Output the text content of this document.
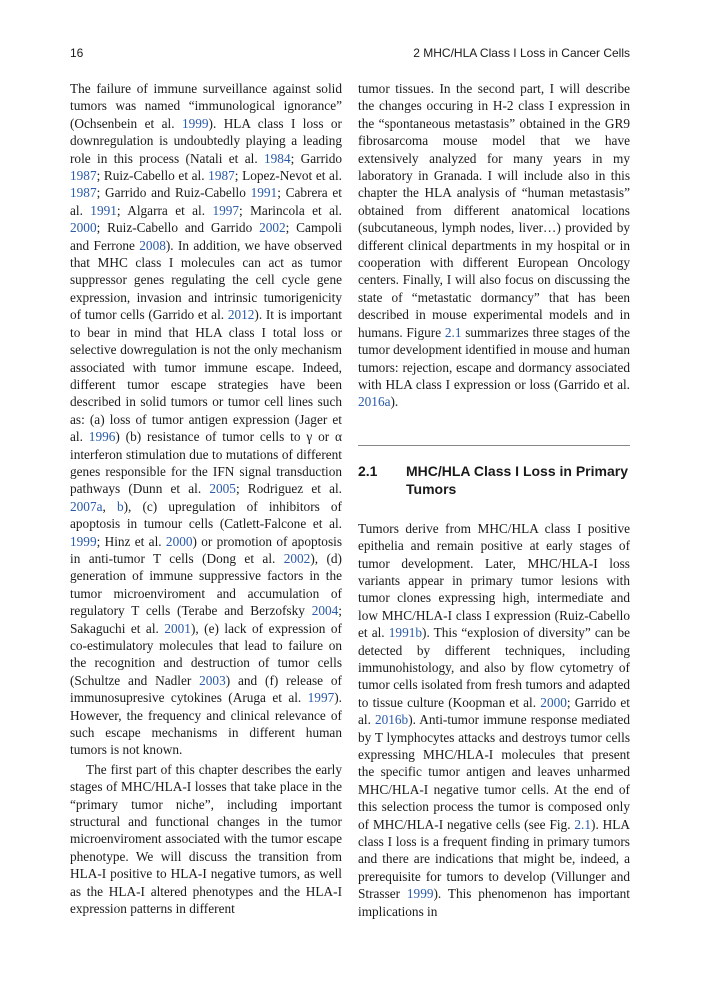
16	2 MHC/HLA Class I Loss in Cancer Cells

The failure of immune surveillance against solid tumors was named “immunological ignorance” (Ochsenbein et al. 1999). HLA class I loss or downregulation is undoubtedly playing a leading role in this process (Natali et al. 1984; Garrido 1987; Ruiz-Cabello et al. 1987; Lopez-Nevot et al. 1987; Garrido and Ruiz-Cabello 1991; Cabrera et al. 1991; Algarra et al. 1997; Marincola et al. 2000; Ruiz-Cabello and Garrido 2002; Campoli and Ferrone 2008). In addition, we have observed that MHC class I molecules can act as tumor suppressor genes regulating the cell cycle gene expression, invasion and intrinsic tumorigenicity of tumor cells (Garrido et al. 2012). It is important to bear in mind that HLA class I total loss or selective dowregulation is not the only mechanism associated with tumor immune escape. Indeed, different tumor escape strategies have been described in solid tumors or tumor cell lines such as: (a) loss of tumor antigen expression (Jager et al. 1996) (b) resistance of tumor cells to γ or α interferon stimulation due to mutations of different genes responsible for the IFN signal transduction pathways (Dunn et al. 2005; Rodriguez et al. 2007a, b), (c) upregulation of inhibitors of apoptosis in tumour cells (Catlett-Falcone et al. 1999; Hinz et al. 2000) or promotion of apoptosis in anti-tumor T cells (Dong et al. 2002), (d) generation of immune suppressive factors in the tumor microenviroment and accumulation of regulatory T cells (Terabe and Berzofsky 2004; Sakaguchi et al. 2001), (e) lack of expression of co-estimulatory molecules that lead to failure on the recognition and destruction of tumor cells (Schultze and Nadler 2003) and (f) release of immunosupresive cytokines (Aruga et al. 1997). However, the frequency and clinical relevance of such escape mechanisms in different human tumors is not known.

The first part of this chapter describes the early stages of MHC/HLA-I losses that take place in the “primary tumor niche”, including important structural and functional changes in the tumor microenviroment associated with the tumor escape phenotype. We will discuss the transition from HLA-I positive to HLA-I negative tumors, as well as the HLA-I altered phenotypes and the HLA-I expression patterns in different

tumor tissues. In the second part, I will describe the changes occuring in H-2 class I expression in the “spontaneous metastasis” obtained in the GR9 fibrosarcoma mouse model that we have extensively analyzed for many years in my laboratory in Granada. I will include also in this chapter the HLA analysis of “human metastasis” obtained from different anatomical locations (subcutaneous, lymph nodes, liver…) provided by different clinical departments in my hospital or in cooperation with different European Oncology centers. Finally, I will also focus on discussing the state of “metastatic dormancy” that has been described in mouse experimental models and in humans. Figure 2.1 summarizes three stages of the tumor development identified in mouse and human tumors: rejection, escape and dormancy associated with HLA class I expression or loss (Garrido et al. 2016a).

2.1	MHC/HLA Class I Loss in Primary Tumors

Tumors derive from MHC/HLA class I positive epithelia and remain positive at early stages of tumor development. Later, MHC/HLA-I loss variants appear in primary tumor lesions with tumor clones expressing high, intermediate and low MHC/HLA-I class I expression (Ruiz-Cabello et al. 1991b). This “explosion of diversity” can be detected by different techniques, including immunohistology, and also by flow cytometry of tumor cells isolated from fresh tumors and adapted to tissue culture (Koopman et al. 2000; Garrido et al. 2016b). Anti-tumor immune response mediated by T lymphocytes attacks and destroys tumor cells expressing MHC/HLA-I molecules that present the specific tumor antigen and leaves unharmed MHC/HLA-I negative tumor cells. At the end of this selection process the tumor is composed only of MHC/HLA-I negative cells (see Fig. 2.1). HLA class I loss is a frequent finding in primary tumors and there are indications that might be, indeed, a prerequisite for tumors to develop (Villunger and Strasser 1999). This phenomenon has important implications in
